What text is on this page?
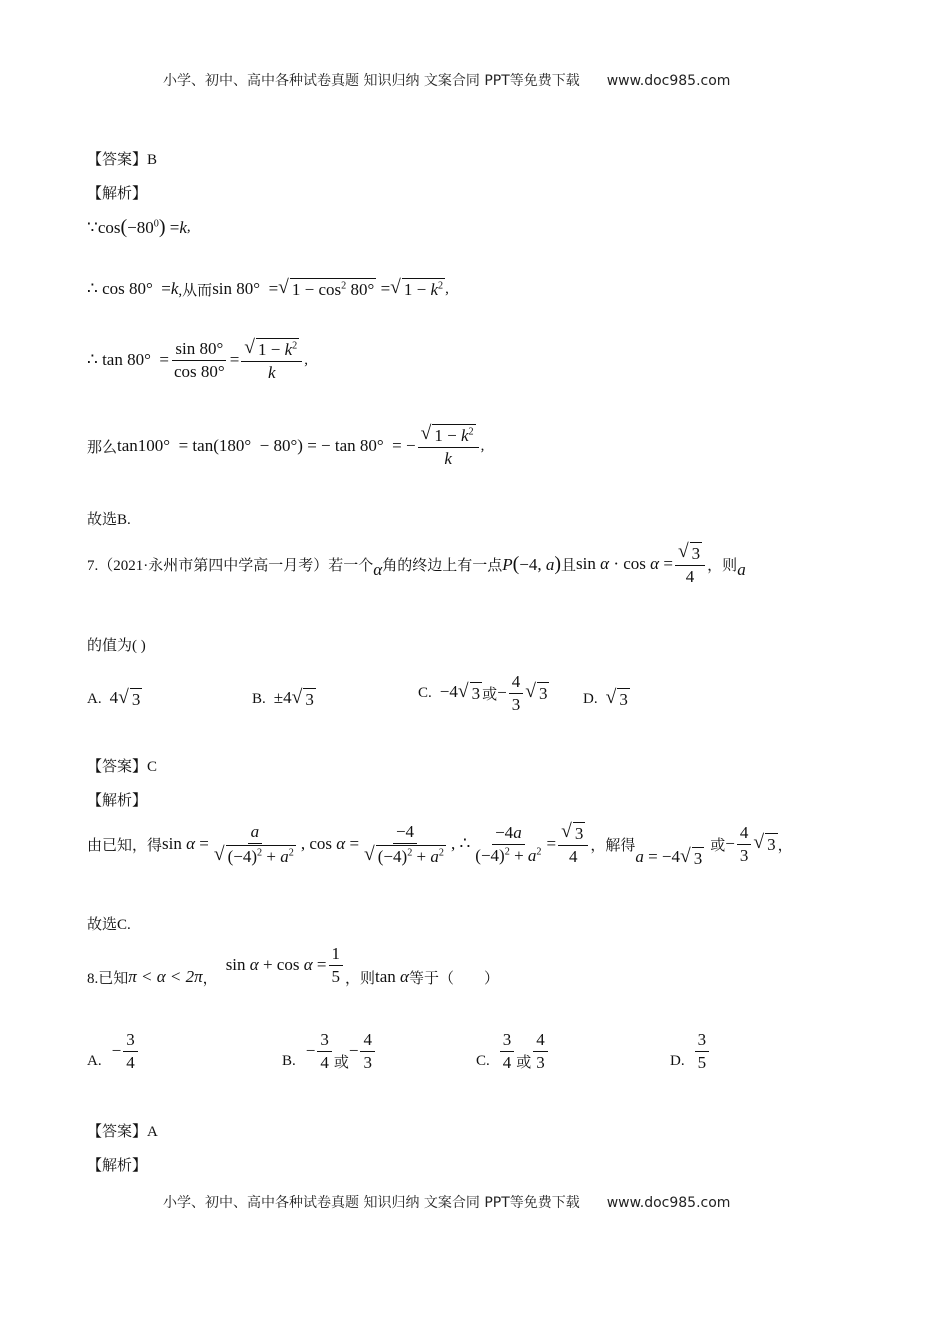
小学、初中、高中各种试卷真题 知识归纳 文案合同 PPT等免费下载 www.doc985.com
【答案】B
【解析】
∵ cos ( $-80^0$ ) = k ,
∴ cos 80°  = k ,从而 sin 80°  = √ $1 - \cos^2 80^\circ$ = √ $1 - k^2$ ,
∴ $\tan 80^\circ = \frac{\sin 80^\circ}{\cos 80^\circ} = \frac{√ 1 - k^2}{k}$ ,
那么 tan100°  = tan(180°  − 80°) = − tan 80°  = − $\frac{√ 1 - k^2}{k}$ ,
故选B.
7.（2021·永州市第四中学高一月考）若一个 α 角的终边上有一点 P(−4, a) 且 $\sin \alpha \cdot \cos \alpha = \frac{√ 3}{4}$ ，则 a
的值为( )
A. 4 √ 3	B. ±4 √ 3	C. −4 √ 3 或 − $\frac{4}{3}$ √ 3 D. √ 3
【答案】C
【解析】
由已知，得 $\sin \alpha = \frac{a}{√ (-4)^2 + a^2}$ , $\cos \alpha = \frac{-4}{√ (-4)^2 + a^2}$ , ∴ $\frac{-4a}{(-4)^2 + a^2} = \frac{√ 3}{4}$ ，解得
a = −4 √ 3
或 − $\frac{4}{3}$ √ 3 ，
故选C.
8.已知 π < α < 2π ，
$\sin \alpha + \cos \alpha = \frac{1}{5}$ ，则 tan α 等于（　　）
A.
− $\frac{3}{4}$	B.
− $\frac{3}{4}$ 或
− $\frac{4}{3}$	C. $\frac{3}{4}$ 或 $\frac{4}{3}$	D. $\frac{3}{5}$
【答案】A
【解析】
小学、初中、高中各种试卷真题 知识归纳 文案合同 PPT等免费下载 www.doc985.com
